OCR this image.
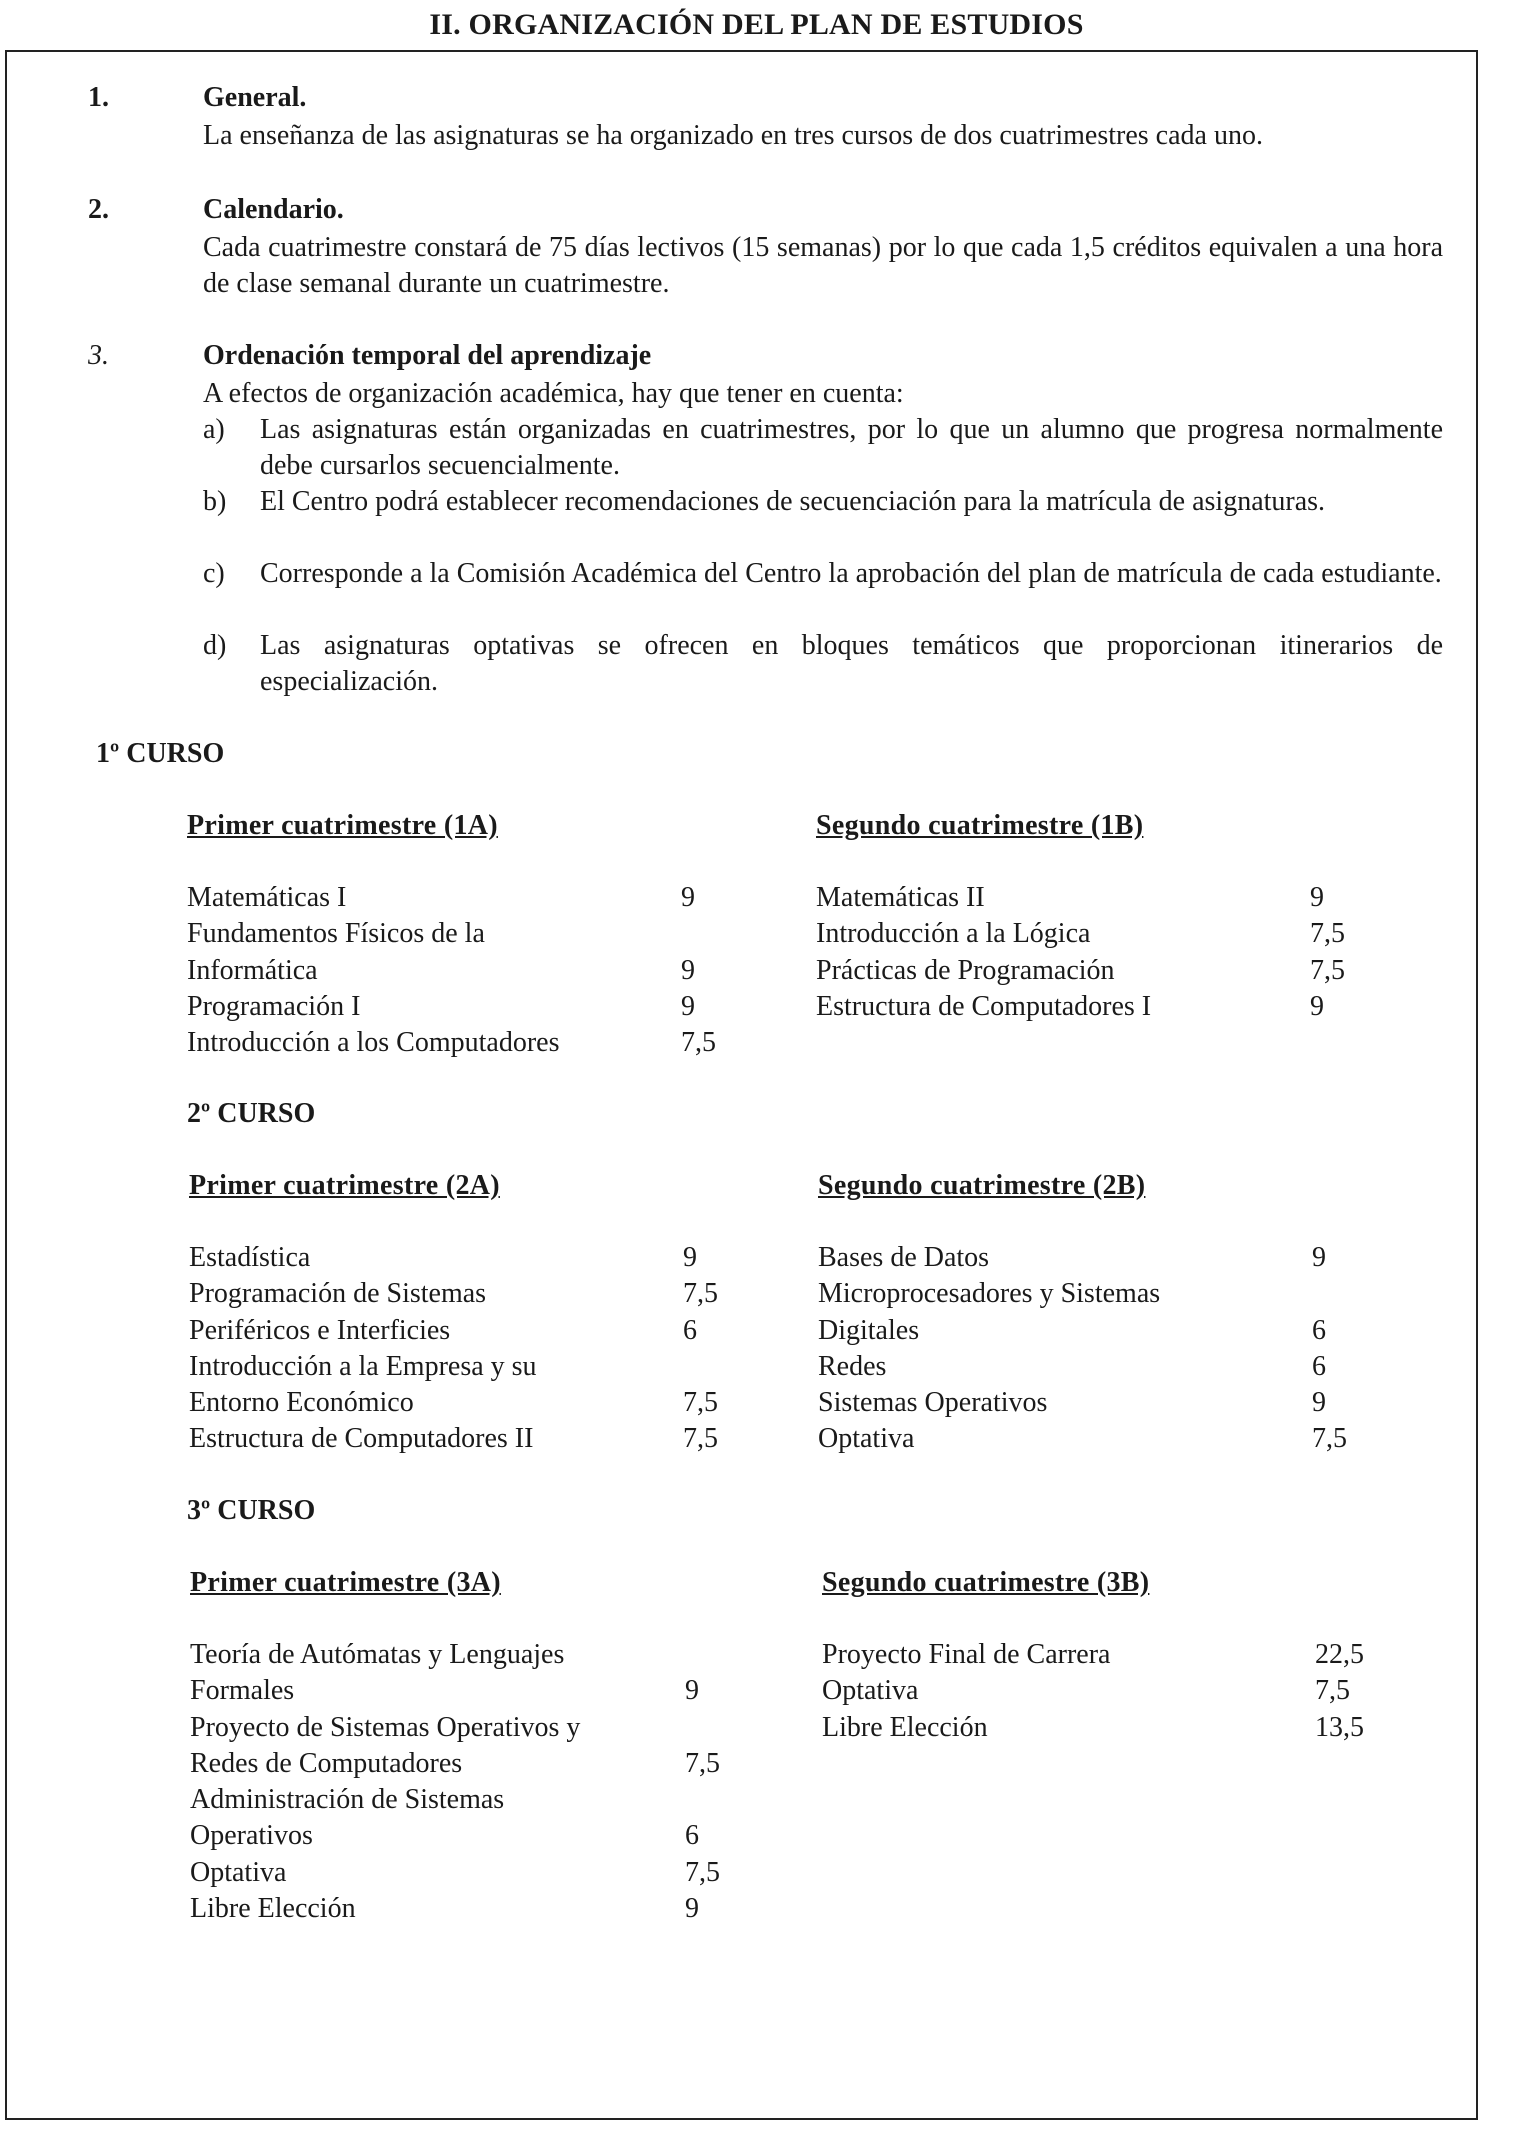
II. ORGANIZACIÓN DEL PLAN DE ESTUDIOS
1.	General.
La enseñanza de las asignaturas se ha organizado en tres cursos de dos cuatrimestres cada uno.
2.	Calendario.
Cada cuatrimestre constará de 75 días lectivos (15 semanas) por lo que cada 1,5 créditos equivalen a una hora de clase semanal durante un cuatrimestre.
3.	Ordenación temporal del aprendizaje
A efectos de organización académica, hay que tener en cuenta:
a)	Las asignaturas están organizadas en cuatrimestres, por lo que un alumno que progresa normalmente debe cursarlos secuencialmente.
b)	El Centro podrá establecer recomendaciones de secuenciación para la matrícula de asignaturas.
c)	Corresponde a la Comisión Académica del Centro la aprobación del plan de matrícula de cada estudiante.
d)	Las asignaturas optativas se ofrecen en bloques temáticos que proporcionan itinerarios de especialización.
1º CURSO
Primer cuatrimestre (1A)
Matemáticas I	9
Fundamentos Físicos de la
Informática	9
Programación I	9
Introducción a los Computadores	7,5
Segundo cuatrimestre (1B)
Matemáticas II	9
Introducción a la Lógica	7,5
Prácticas de Programación	7,5
Estructura de Computadores I	9
2º CURSO
Primer cuatrimestre (2A)
Estadística	9
Programación de Sistemas	7,5
Periféricos e Interficies	6
Introducción a la Empresa y su
Entorno Económico	7,5
Estructura de Computadores II	7,5
Segundo cuatrimestre (2B)
Bases de Datos	9
Microprocesadores y Sistemas
Digitales	6
Redes	6
Sistemas Operativos	9
Optativa	7,5
3º CURSO
Primer cuatrimestre (3A)
Teoría de Autómatas y Lenguajes
Formales	9
Proyecto de Sistemas Operativos y
Redes de Computadores	7,5
Administración de Sistemas
Operativos	6
Optativa	7,5
Libre Elección	9
Segundo cuatrimestre (3B)
Proyecto Final de Carrera	22,5
Optativa	7,5
Libre Elección	13,5
